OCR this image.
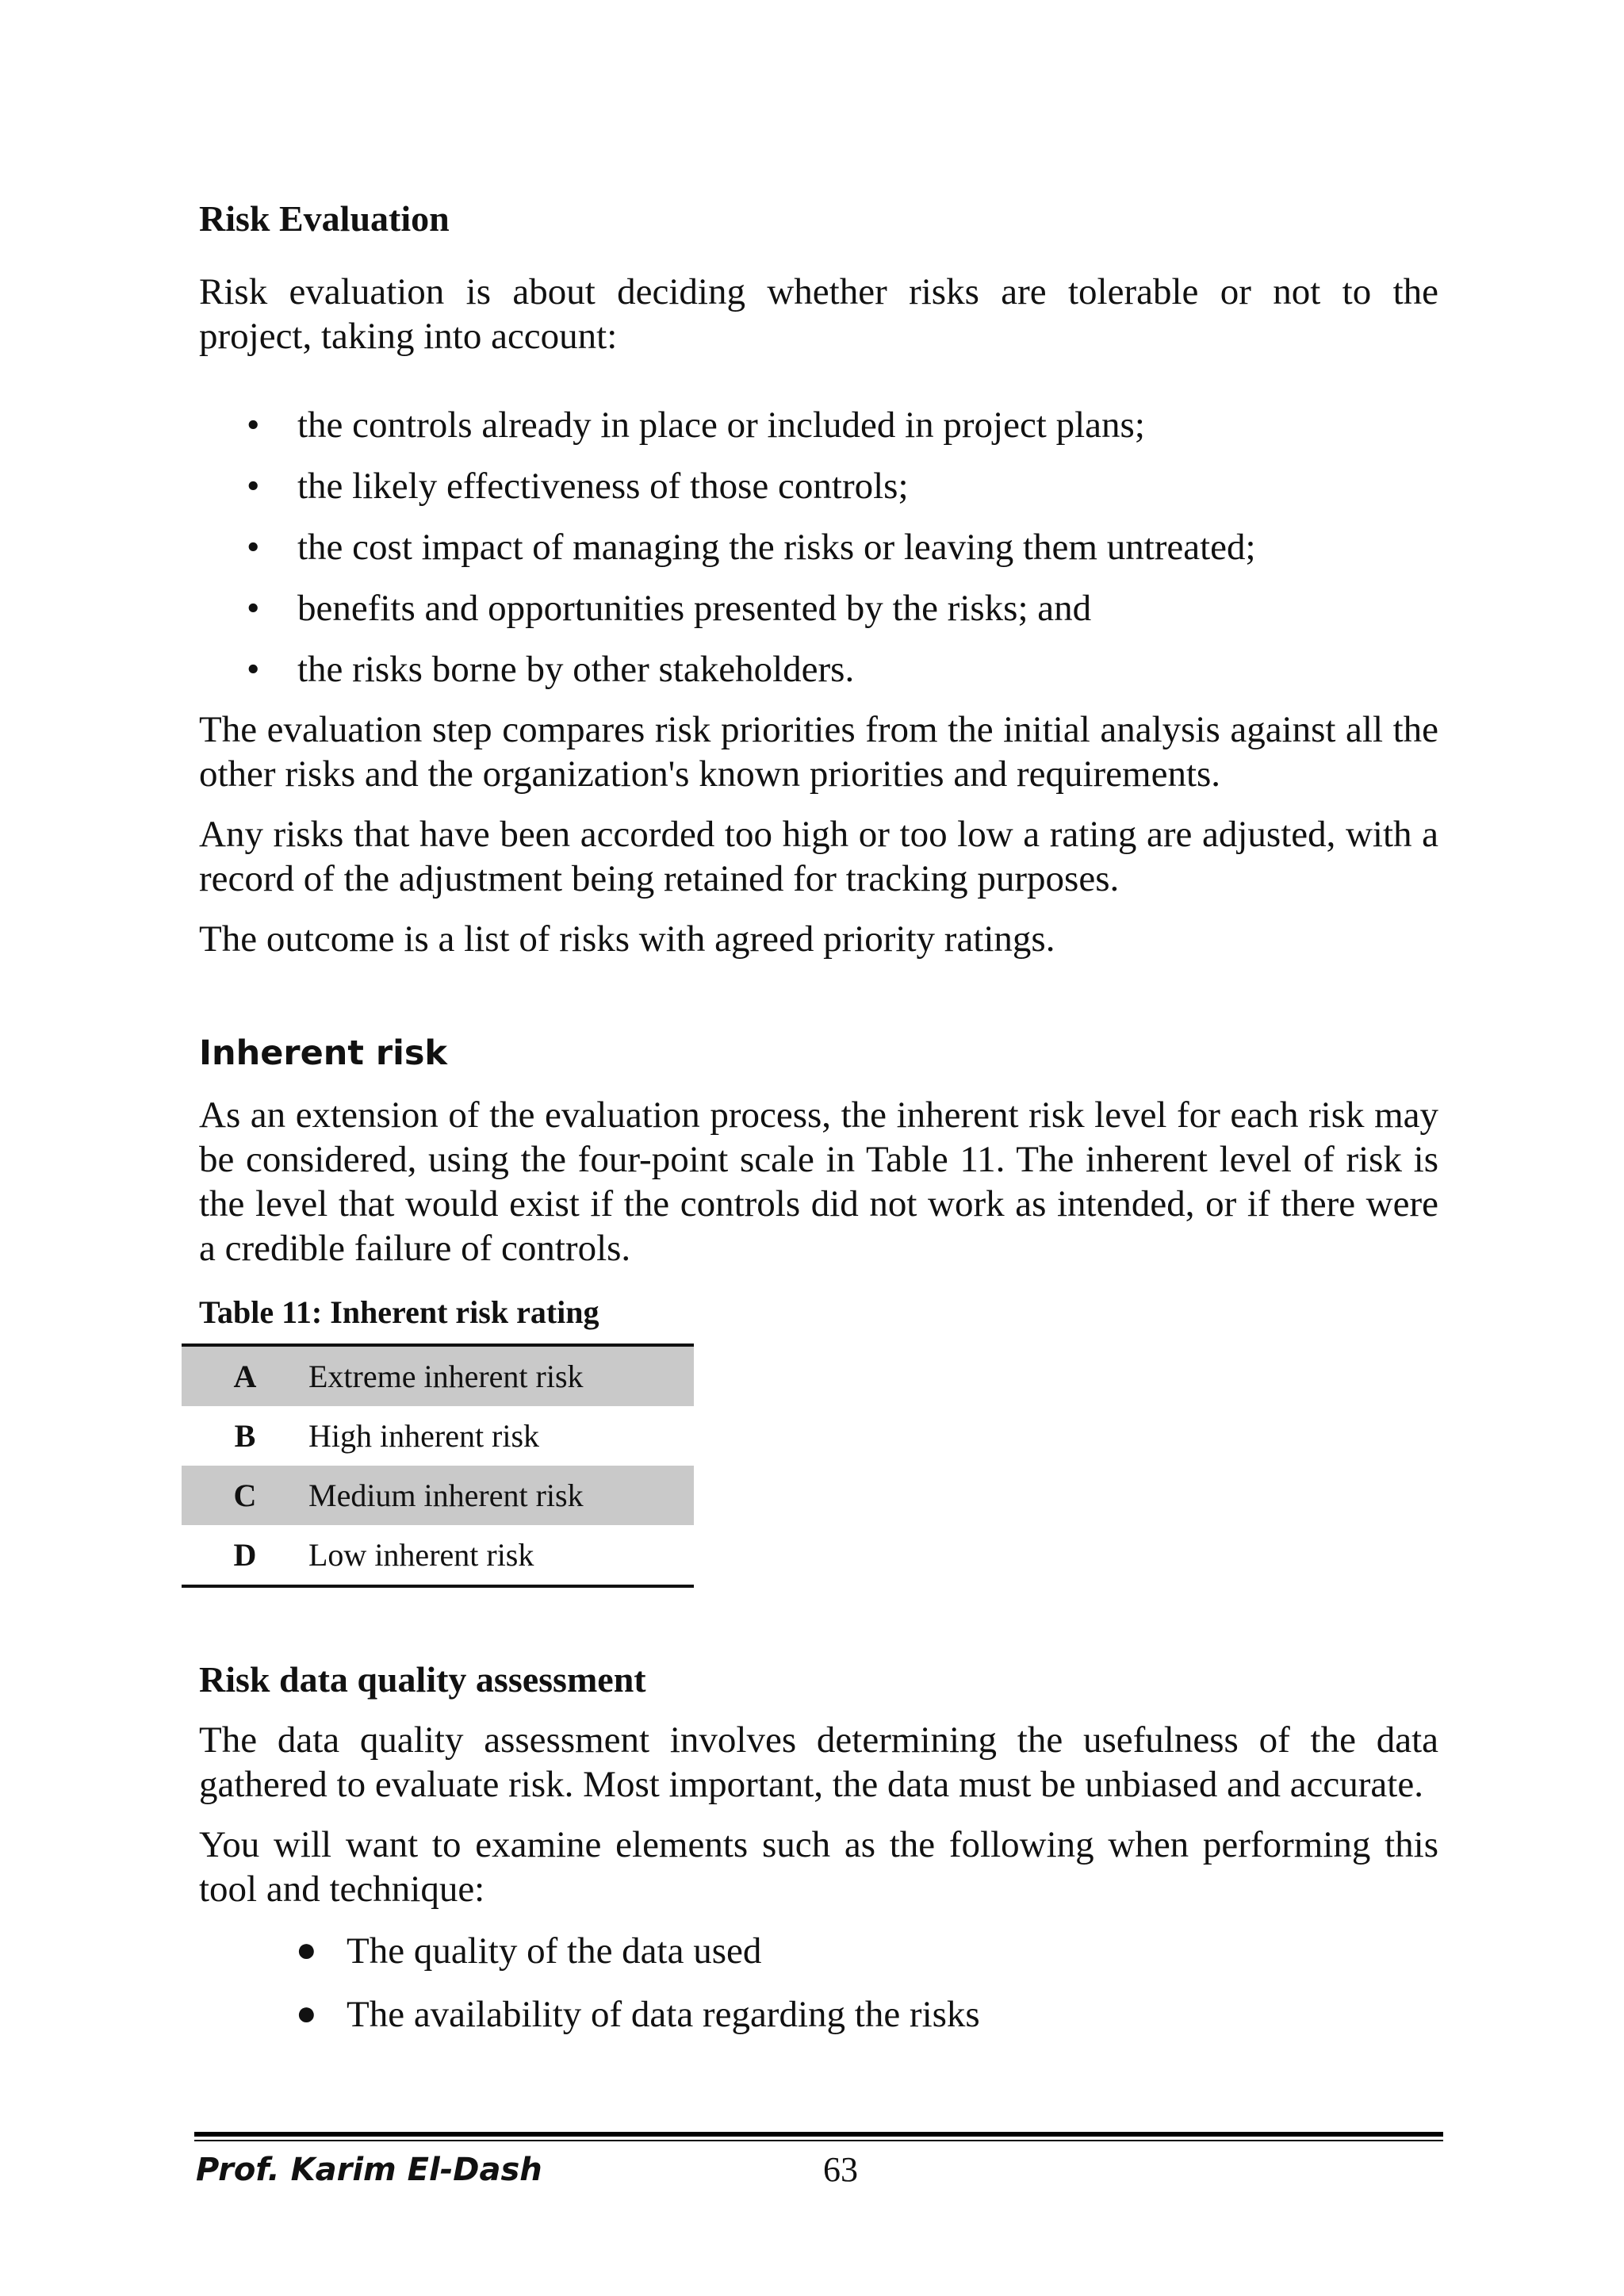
Risk Evaluation

Risk evaluation is about deciding whether risks are tolerable or not to the

project, taking into account:

• the controls already in place or included in project plans;
• the likely effectiveness of those controls;
• the cost impact of managing the risks or leaving them untreated;
• benefits and opportunities presented by the risks; and
• the risks borne by other stakeholders.

The evaluation step compares risk priorities from the initial analysis against all the other risks and the organization's known priorities and requirements.

Any risks that have been accorded too high or too low a rating are adjusted, with a record of the adjustment being retained for tracking purposes.

The outcome is a list of risks with agreed priority ratings.

Inherent risk

As an extension of the evaluation process, the inherent risk level for each risk may be considered, using the four-point scale in Table 11. The inherent level of risk is the level that would exist if the controls did not work as intended, or if there were a credible failure of controls.

Table 11: Inherent risk rating

A	Extreme inherent risk
B	High inherent risk
C	Medium inherent risk
D	Low inherent risk
Risk data quality assessment

The data quality assessment involves determining the usefulness of the data gathered to evaluate risk. Most important, the data must be unbiased and accurate.

You will want to examine elements such as the following when performing this tool and technique:

● The quality of the data used
● The availability of data regarding the risks
Prof. Karim El-Dash	63
